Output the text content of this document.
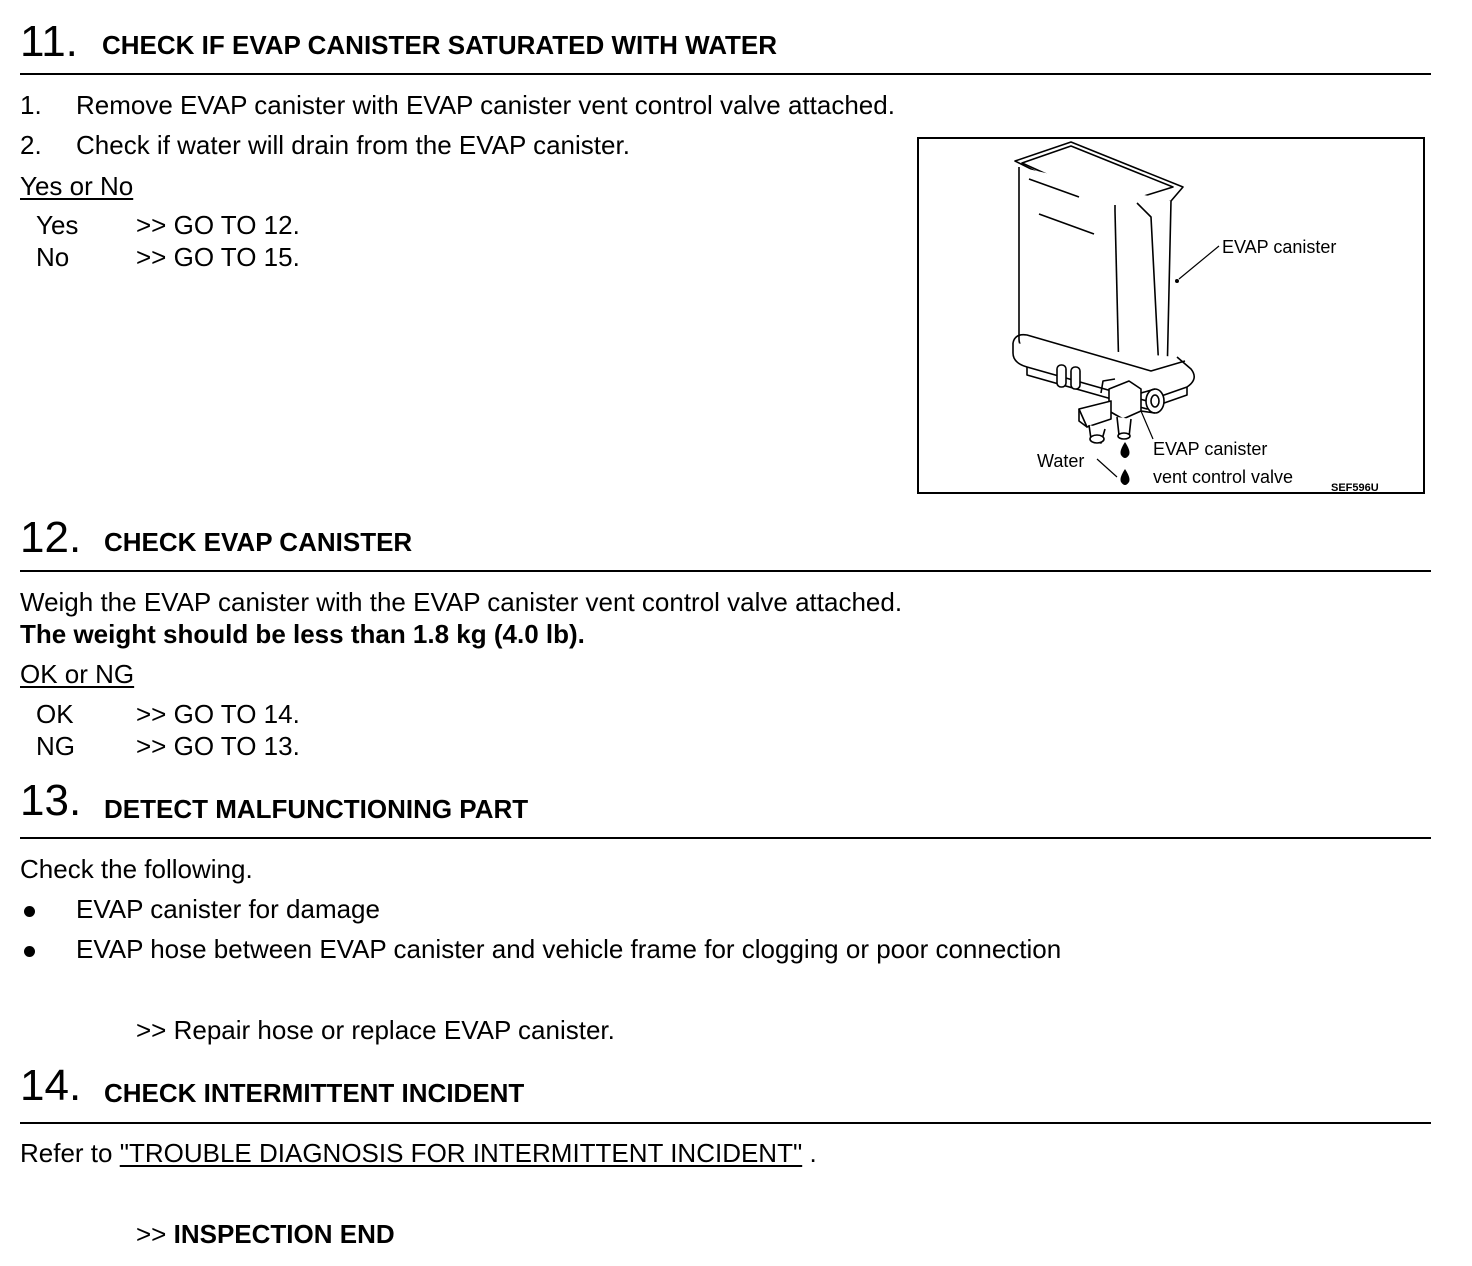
11. CHECK IF EVAP CANISTER SATURATED WITH WATER
1. Remove EVAP canister with EVAP canister vent control valve attached.
2. Check if water will drain from the EVAP canister.
Yes or No
Yes >> GO TO 12.
No	>> GO TO 15.	EVAP canister
EVAP canister
vent control valve
Water
SEF596U
12. CHECK EVAP CANISTER
Weigh the EVAP canister with the EVAP canister vent control valve attached.
The weight should be less than 1.8 kg (4.0 lb).
OK or NG
OK >> GO TO 14.
NG >> GO TO 13.
13. DETECT MALFUNCTIONING PART
Check the following.
EVAP canister for damage
EVAP hose between EVAP canister and vehicle frame for clogging or poor connection
>> Repair hose or replace EVAP canister.
14. CHECK INTERMITTENT INCIDENT
Refer to "TROUBLE DIAGNOSIS FOR INTERMITTENT INCIDENT" .
>> INSPECTION END
